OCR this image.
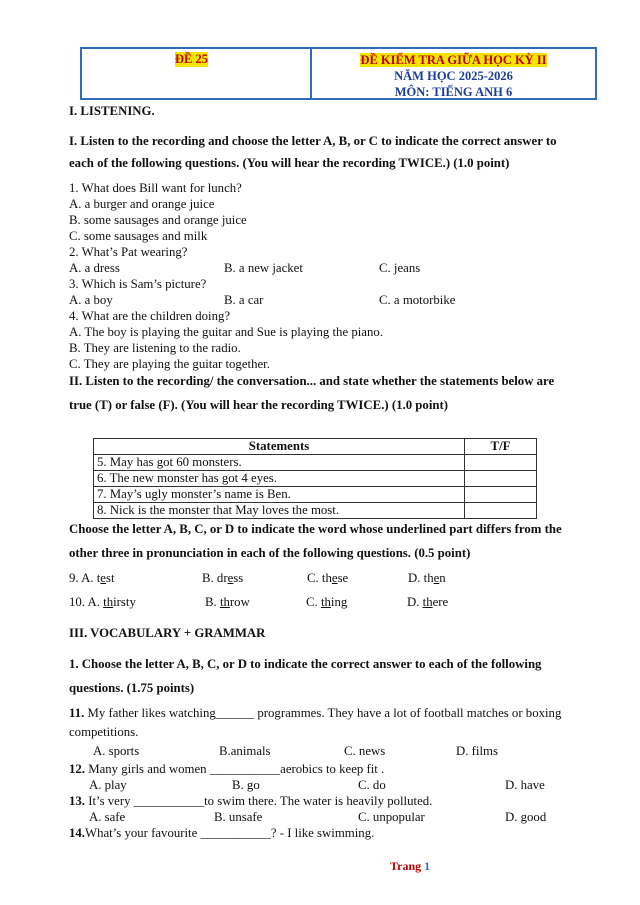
ĐỀ 25	ĐỀ KIỂM TRA GIỮA HỌC KỲ II
NĂM HỌC 2025-2026
MÔN: TIẾNG ANH 6
I. LISTENING.
I. Listen to the recording and choose the letter A, B, or C to indicate the correct answer to
each of the following questions. (You will hear the recording TWICE.) (1.0 point)
1. What does Bill want for lunch?
A. a burger and orange juice
B. some sausages and orange juice
C. some sausages and milk
2. What’s Pat wearing?
A. a dress	B. a new jacket	C. jeans
3. Which is Sam’s picture?
A. a boy	B. a car	C. a motorbike
4. What are the children doing?
A. The boy is playing the guitar and Sue is playing the piano.
B. They are listening to the radio.
C. They are playing the guitar together.
II. Listen to the recording/ the conversation... and state whether the statements below are
true (T) or false (F). (You will hear the recording TWICE.) (1.0 point)
Statements	T/F
5. May has got 60 monsters.	
6. The new monster has got 4 eyes.	
7. May’s ugly monster’s name is Ben.	
8. Nick is the monster that May loves the most.	
Choose the letter A, B, C, or D to indicate the word whose underlined part differs from the
other three in pronunciation in each of the following questions. (0.5 point)
9. A. test	B. dress	C. these	D. then
10. A. thirsty	B. throw	C. thing	D. there
III. VOCABULARY + GRAMMAR
1. Choose the letter A, B, C, or D to indicate the correct answer to each of the following
questions. (1.75 points)
11. My father likes watching______ programmes. They have a lot of football matches or boxing
competitions.
A. sports	B.animals	C. news	D. films
12. Many girls and women ___________aerobics to keep fit .
A. play	B. go	C. do	D. have
13. It’s very ___________to swim there. The water is heavily polluted.
A. safe	B. unsafe	C. unpopular	D. good
14.What’s your favourite ___________? - I like swimming.
Trang 1
